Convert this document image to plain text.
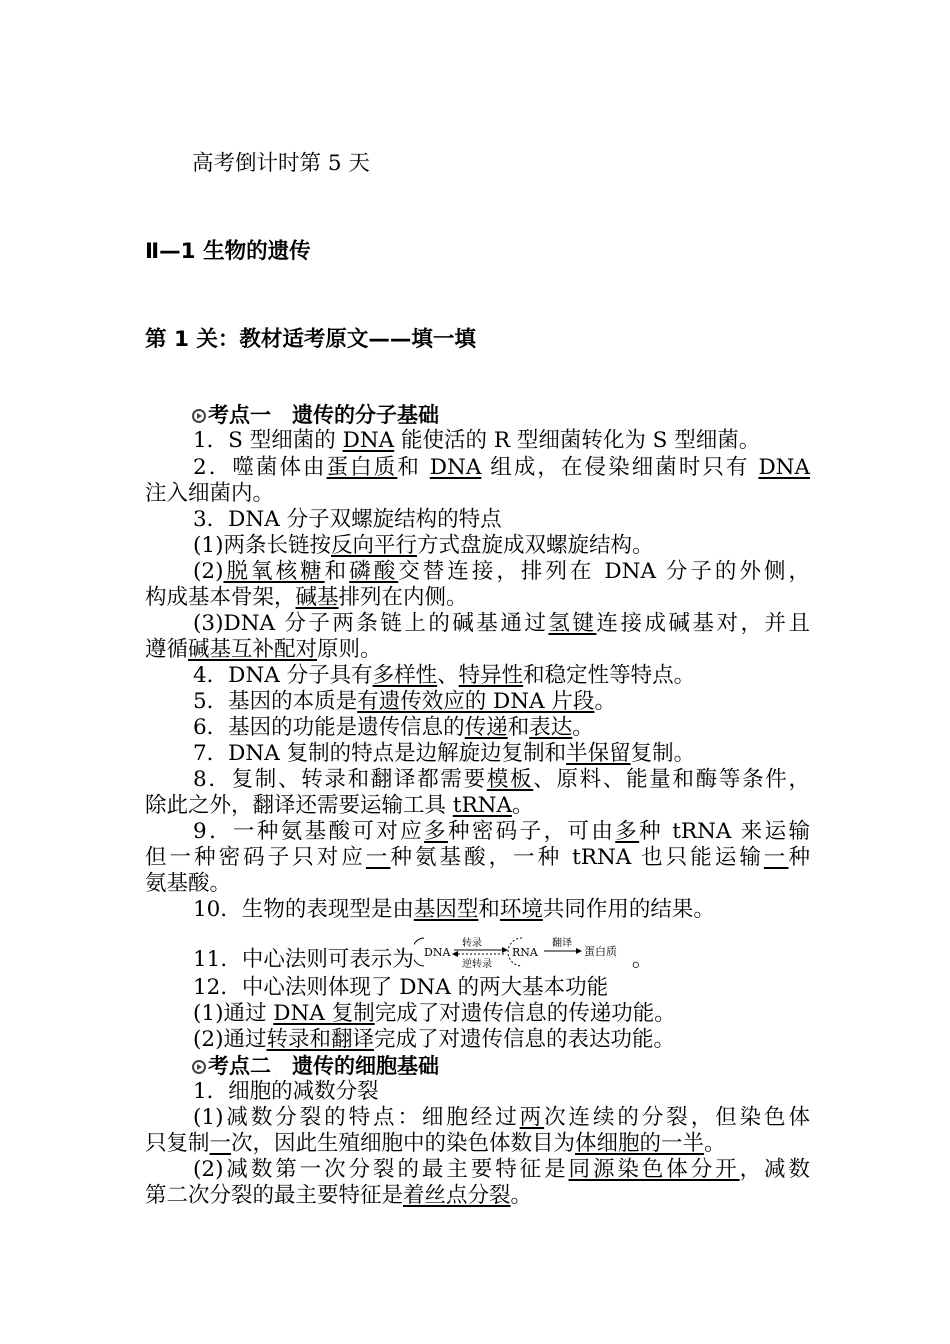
高考倒计时第 5 天
Ⅱ—1 生物的遗传
第 1 关：教材适考原文——填一填
考点一　遗传的分子基础
1．S 型细菌的 DNA 能使活的 R 型细菌转化为 S 型细菌。
2．噬菌体由蛋白质和 DNA 组成，在侵染细菌时只有 DNA
注入细菌内。
3．DNA 分子双螺旋结构的特点
(1)两条长链按反向平行方式盘旋成双螺旋结构。
(2)脱氧核糖和磷酸交替连接，排列在 DNA 分子的外侧，
构成基本骨架，碱基排列在内侧。
(3)DNA 分子两条链上的碱基通过氢键连接成碱基对，并且
遵循碱基互补配对原则。
4．DNA 分子具有多样性、特异性和稳定性等特点。
5．基因的本质是有遗传效应的 DNA 片段。
6．基因的功能是遗传信息的传递和表达。
7．DNA 复制的特点是边解旋边复制和半保留复制。
8．复制、转录和翻译都需要模板、原料、能量和酶等条件，
除此之外，翻译还需要运输工具 tRNA。
9．一种氨基酸可对应多种密码子，可由多种 tRNA 来运输
但一种密码子只对应一种氨基酸，一种 tRNA 也只能运输一种
氨基酸。
10．生物的表现型是由基因型和环境共同作用的结果。
11．中心法则可表示为 DNA
转录
逆转录
RNA
翻译
蛋白质 。
12．中心法则体现了 DNA 的两大基本功能
(1)通过 DNA 复制完成了对遗传信息的传递功能。
(2)通过转录和翻译完成了对遗传信息的表达功能。
考点二　遗传的细胞基础
1．细胞的减数分裂
(1)减数分裂的特点：细胞经过两次连续的分裂，但染色体
只复制一次，因此生殖细胞中的染色体数目为体细胞的一半。
(2)减数第一次分裂的最主要特征是同源染色体分开，减数
第二次分裂的最主要特征是着丝点分裂。
